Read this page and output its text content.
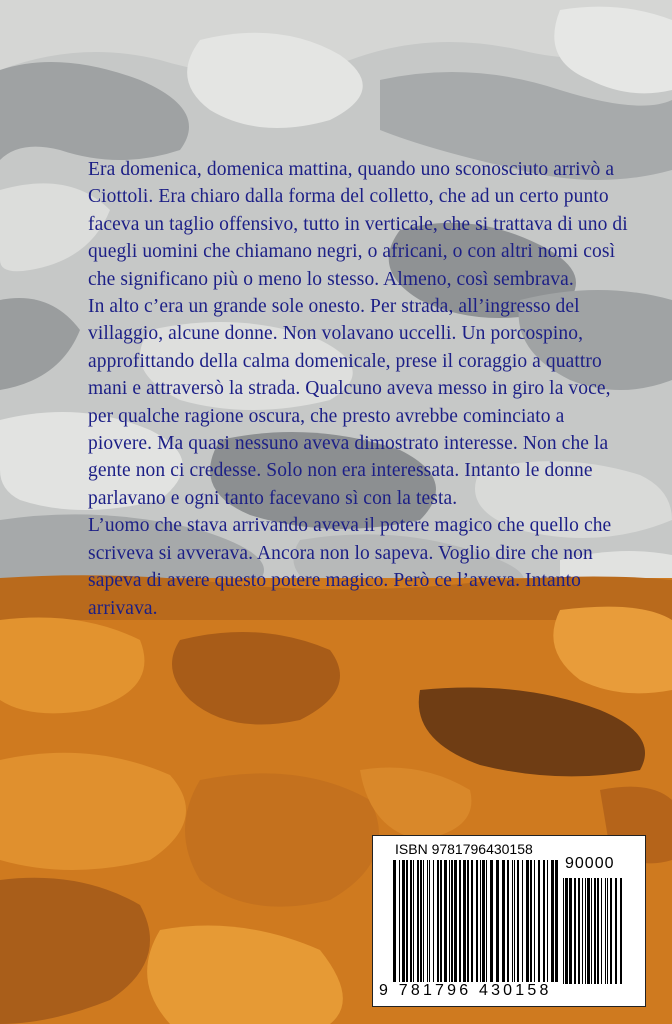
Era domenica, domenica mattina, quando uno sconosciuto arrivò a Ciottoli. Era chiaro dalla forma del colletto, che ad un certo punto faceva un taglio offensivo, tutto in verticale, che si trattava di uno di quegli uomini che chiamano negri, o africani, o con altri nomi così che significano più o meno lo stesso. Almeno, così sembrava.

In alto c’era un grande sole onesto. Per strada, all’ingresso del villaggio, alcune donne. Non volavano uccelli. Un porcospino, approfittando della calma domenicale, prese il coraggio a quattro mani e attraversò la strada. Qualcuno aveva messo in giro la voce, per qualche ragione oscura, che presto avrebbe cominciato a piovere. Ma quasi nessuno aveva dimostrato interesse. Non che la gente non ci credesse. Solo non era interessata. Intanto le donne parlavano e ogni tanto facevano sì con la testa.

L’uomo che stava arrivando aveva il potere magico che quello che scriveva si avverava. Ancora non lo sapeva. Voglio dire che non sapeva di avere questo potere magico. Però ce l’aveva. Intanto arrivava.

ISBN 9781796430158
90000
9 781796 430158
